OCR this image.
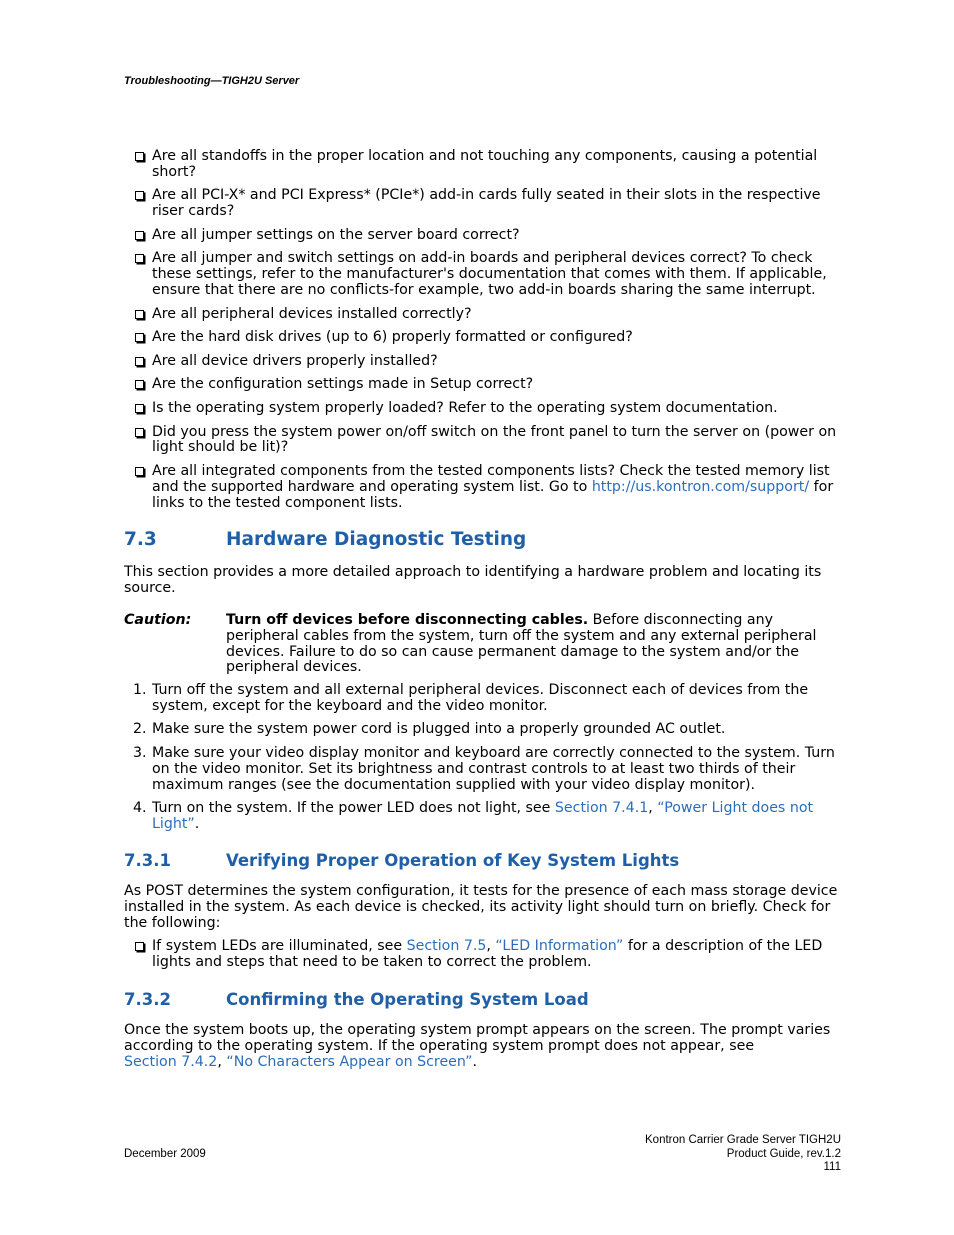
Troubleshooting—TIGH2U Server
Are all standoffs in the proper location and not touching any components, causing a potential short?
Are all PCI-X* and PCI Express* (PCIe*) add-in cards fully seated in their slots in the respective riser cards?
Are all jumper settings on the server board correct?
Are all jumper and switch settings on add-in boards and peripheral devices correct? To check these settings, refer to the manufacturer's documentation that comes with them. If applicable, ensure that there are no conflicts-for example, two add-in boards sharing the same interrupt.
Are all peripheral devices installed correctly?
Are the hard disk drives (up to 6) properly formatted or configured?
Are all device drivers properly installed?
Are the configuration settings made in Setup correct?
Is the operating system properly loaded? Refer to the operating system documentation.
Did you press the system power on/off switch on the front panel to turn the server on (power on light should be lit)?
Are all integrated components from the tested components lists? Check the tested memory list and the supported hardware and operating system list. Go to http://us.kontron.com/support/ for links to the tested component lists.
7.3	Hardware Diagnostic Testing
This section provides a more detailed approach to identifying a hardware problem and locating its source.
Caution: Turn off devices before disconnecting cables. Before disconnecting any peripheral cables from the system, turn off the system and any external peripheral devices. Failure to do so can cause permanent damage to the system and/or the peripheral devices.
1. Turn off the system and all external peripheral devices. Disconnect each of devices from the system, except for the keyboard and the video monitor.
2. Make sure the system power cord is plugged into a properly grounded AC outlet.
3. Make sure your video display monitor and keyboard are correctly connected to the system. Turn on the video monitor. Set its brightness and contrast controls to at least two thirds of their maximum ranges (see the documentation supplied with your video display monitor).
4. Turn on the system. If the power LED does not light, see Section 7.4.1, “Power Light does not Light”.
7.3.1	Verifying Proper Operation of Key System Lights
As POST determines the system configuration, it tests for the presence of each mass storage device installed in the system. As each device is checked, its activity light should turn on briefly. Check for the following:
If system LEDs are illuminated, see Section 7.5, “LED Information” for a description of the LED lights and steps that need to be taken to correct the problem.
7.3.2	Confirming the Operating System Load
Once the system boots up, the operating system prompt appears on the screen. The prompt varies according to the operating system. If the operating system prompt does not appear, see
Section 7.4.2, “No Characters Appear on Screen”.
December 2009
Kontron Carrier Grade Server TIGH2U
Product Guide, rev.1.2
111
